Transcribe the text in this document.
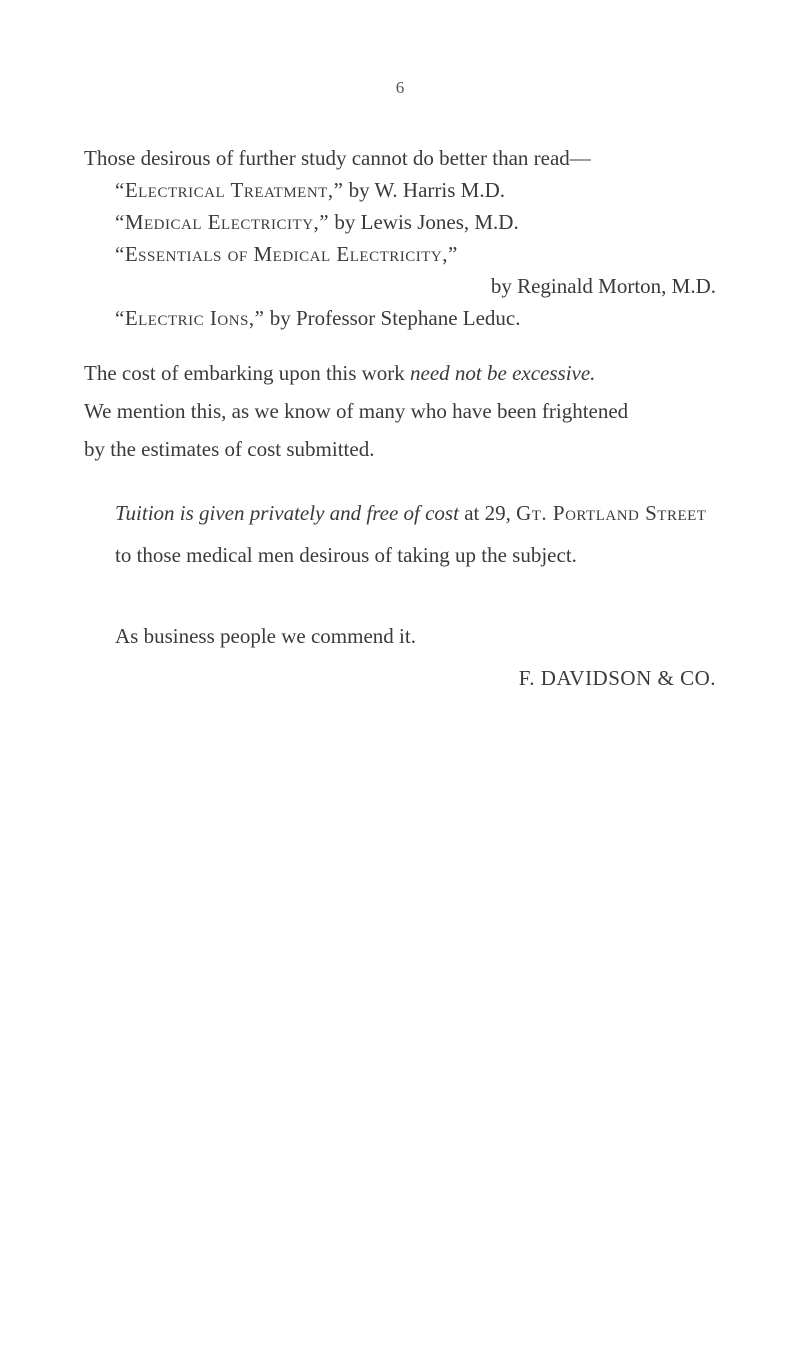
6
Those desirous of further study cannot do better than read—
“Electrical Treatment,” by W. Harris M.D.
“Medical Electricity,” by Lewis Jones, M.D.
“Essentials of Medical Electricity,”
by Reginald Morton, M.D.
“Electric Ions,” by Professor Stephane Leduc.
The cost of embarking upon this work need not be excessive.
We mention this, as we know of many who have been frightened
by the estimates of cost submitted.
Tuition is given privately and free of cost at 29, Gt. Portland Street to those medical men desirous of taking up the subject.
As business people we commend it.
F. DAVIDSON & CO.
